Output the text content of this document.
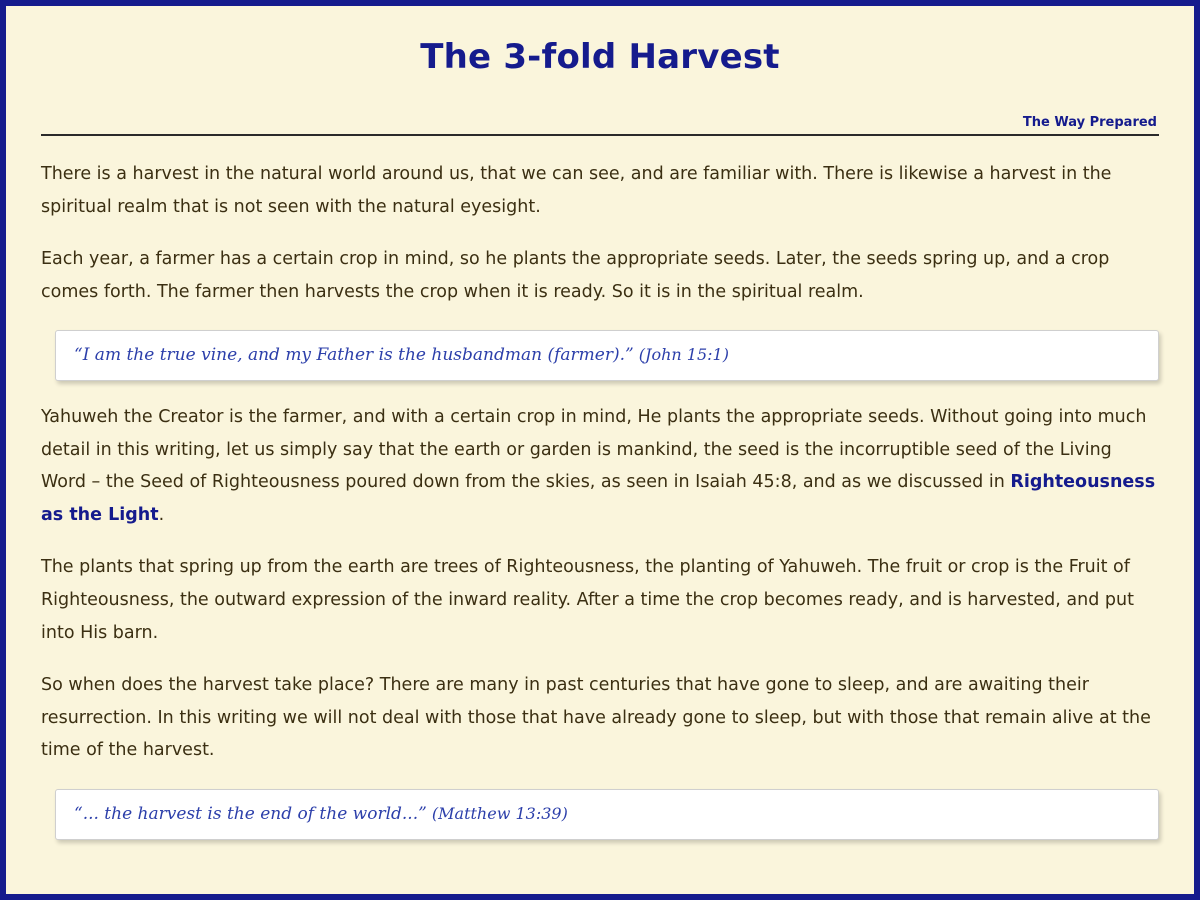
The 3-fold Harvest
The Way Prepared

There is a harvest in the natural world around us, that we can see, and are familiar with. There is likewise a harvest in the spiritual realm that is not seen with the natural eyesight.

Each year, a farmer has a certain crop in mind, so he plants the appropriate seeds. Later, the seeds spring up, and a crop comes forth. The farmer then harvests the crop when it is ready. So it is in the spiritual realm.

“I am the true vine, and my Father is the husbandman (farmer).” (John 15:1)

Yahuweh the Creator is the farmer, and with a certain crop in mind, He plants the appropriate seeds. Without going into much detail in this writing, let us simply say that the earth or garden is mankind, the seed is the incorruptible seed of the Living Word – the Seed of Righteousness poured down from the skies, as seen in Isaiah 45:8, and as we discussed in Righteousness as the Light.

The plants that spring up from the earth are trees of Righteousness, the planting of Yahuweh. The fruit or crop is the Fruit of Righteousness, the outward expression of the inward reality. After a time the crop becomes ready, and is harvested, and put into His barn.

So when does the harvest take place? There are many in past centuries that have gone to sleep, and are awaiting their resurrection. In this writing we will not deal with those that have already gone to sleep, but with those that remain alive at the time of the harvest.

“... the harvest is the end of the world...” (Matthew 13:39)
